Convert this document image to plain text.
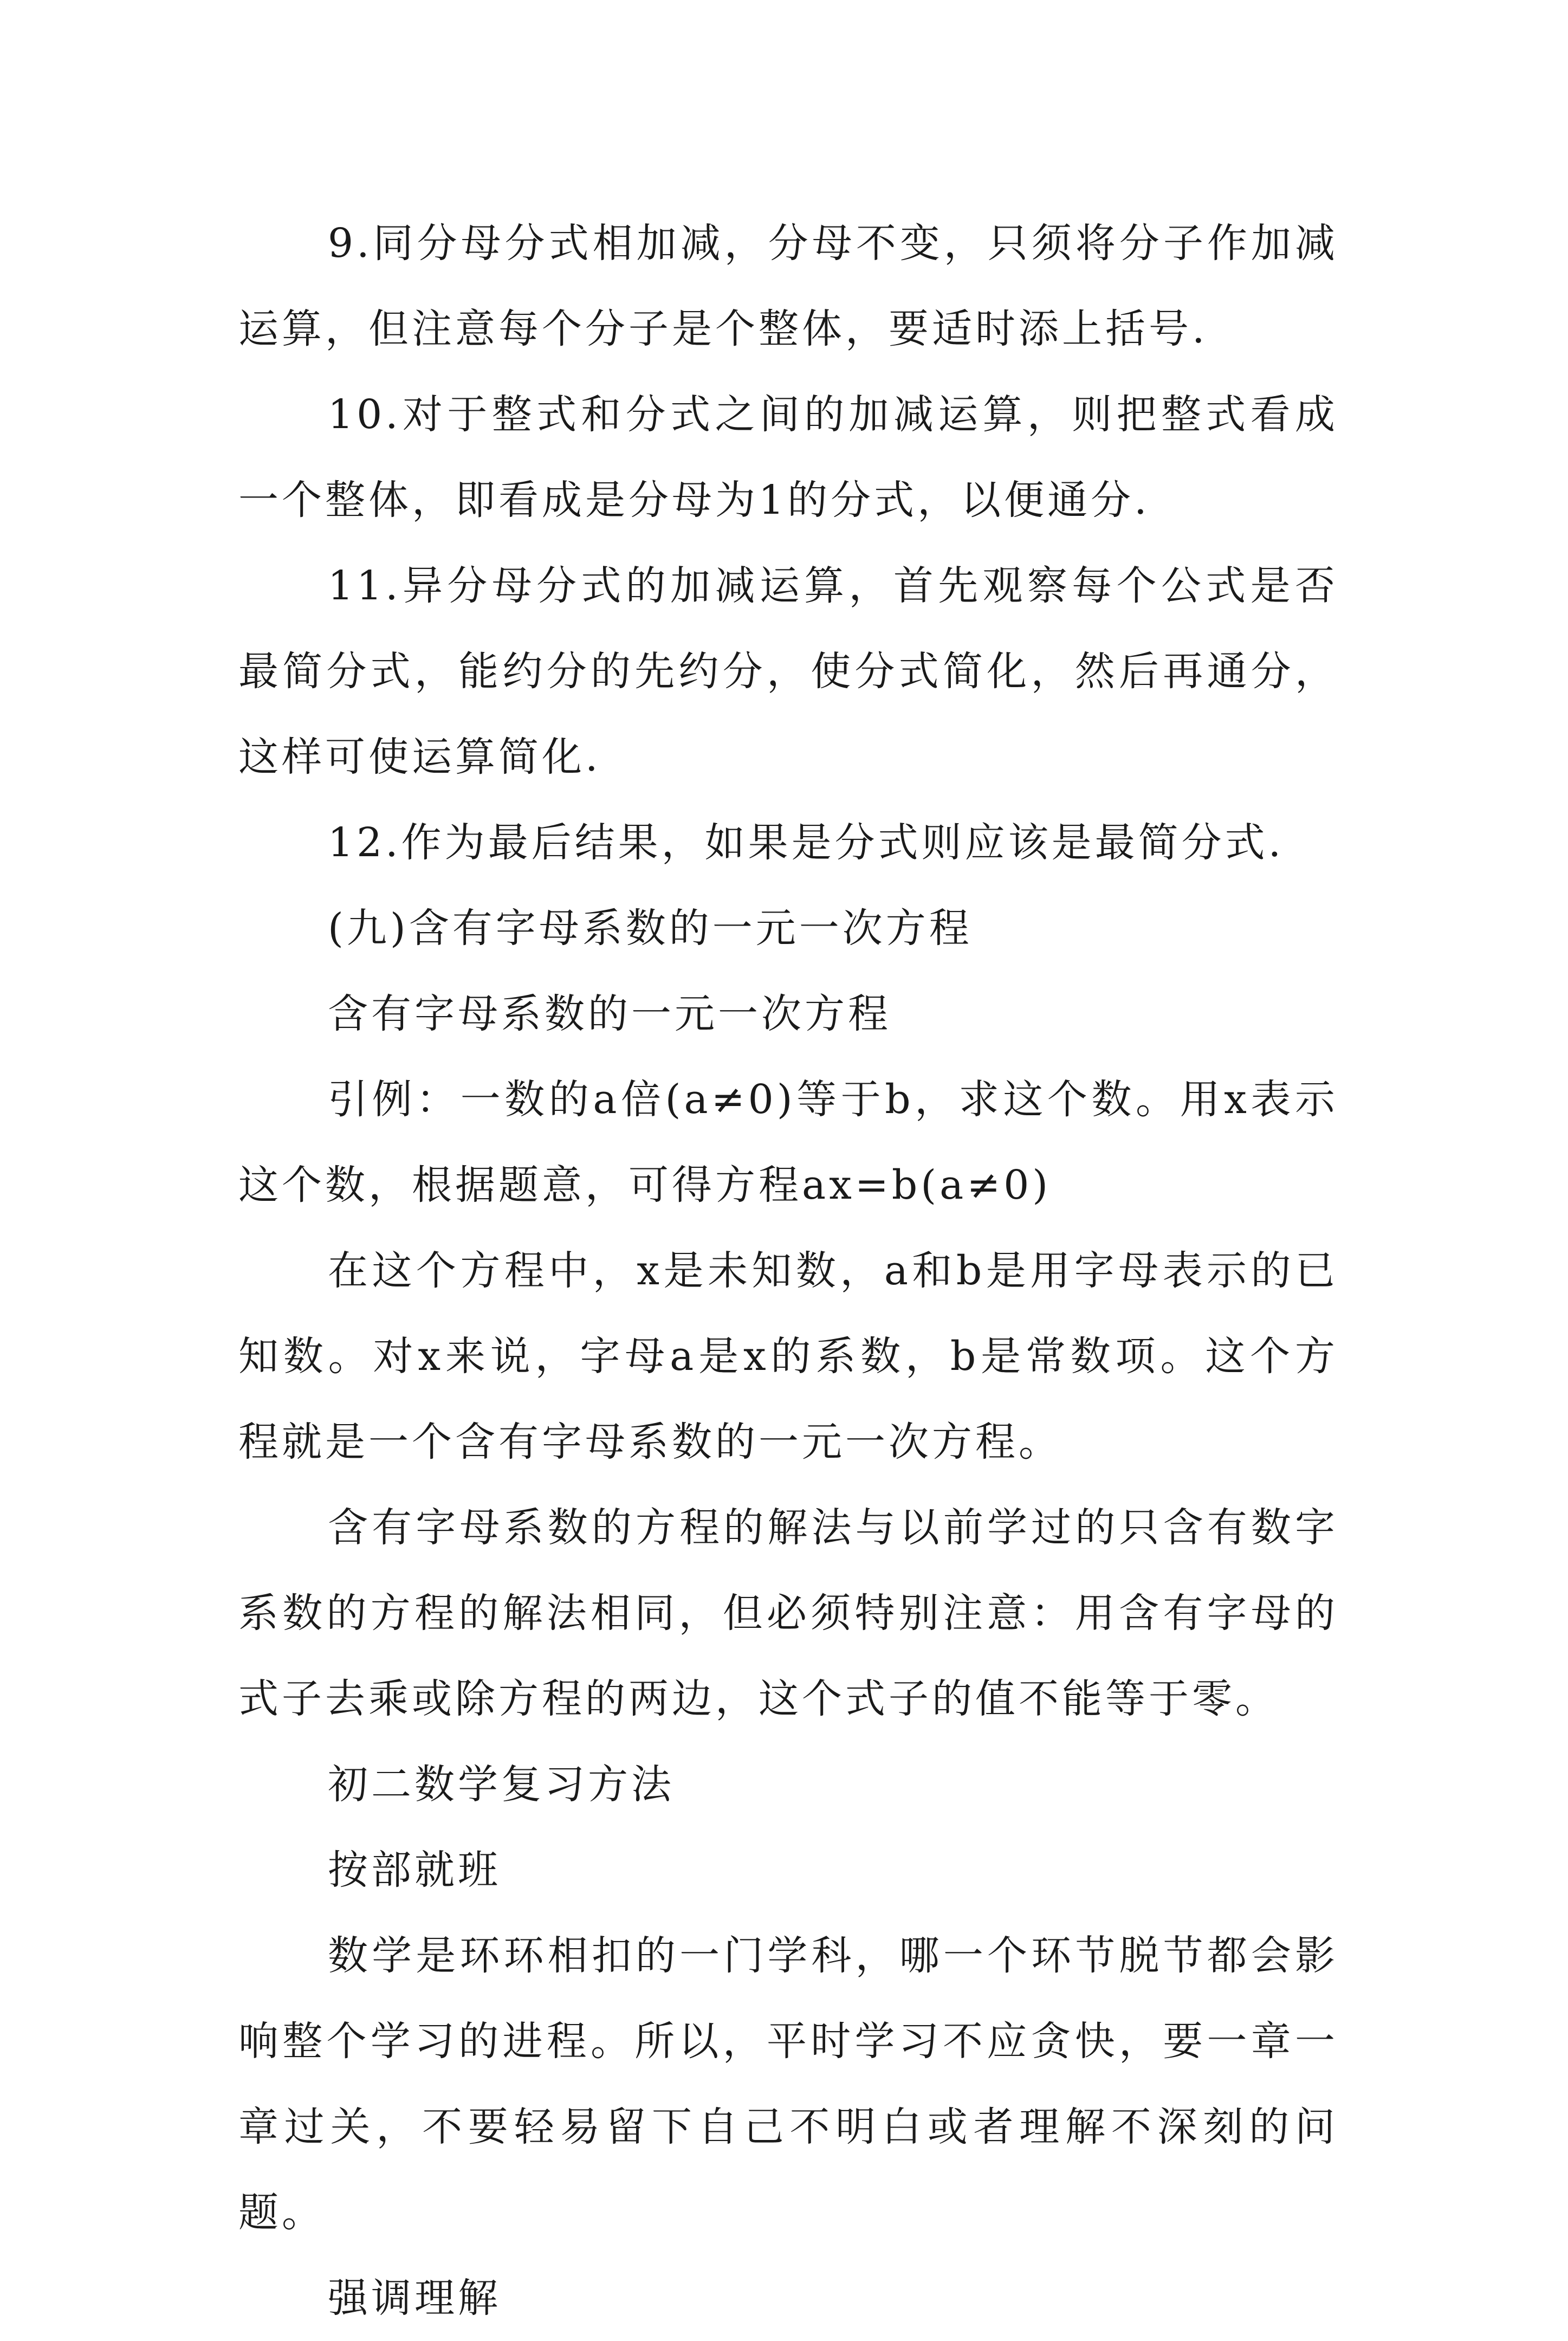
9.同分母分式相加减，分母不变，只须将分子作加减运算，但注意每个分子是个整体，要适时添上括号.

10.对于整式和分式之间的加减运算，则把整式看成一个整体，即看成是分母为1的分式，以便通分.

11.异分母分式的加减运算，首先观察每个公式是否最简分式，能约分的先约分，使分式简化，然后再通分，这样可使运算简化.

12.作为最后结果，如果是分式则应该是最简分式.

(九)含有字母系数的一元一次方程

含有字母系数的一元一次方程

引例：一数的a倍(a≠0)等于b，求这个数。用x表示这个数，根据题意，可得方程ax=b(a≠0)

在这个方程中，x是未知数，a和b是用字母表示的已知数。对x来说，字母a是x的系数，b是常数项。这个方程就是一个含有字母系数的一元一次方程。

含有字母系数的方程的解法与以前学过的只含有数字系数的方程的解法相同，但必须特别注意：用含有字母的式子去乘或除方程的两边，这个式子的值不能等于零。

初二数学复习方法

按部就班

数学是环环相扣的一门学科，哪一个环节脱节都会影响整个学习的进程。所以，平时学习不应贪快，要一章一章过关，不要轻易留下自己不明白或者理解不深刻的问题。

强调理解
